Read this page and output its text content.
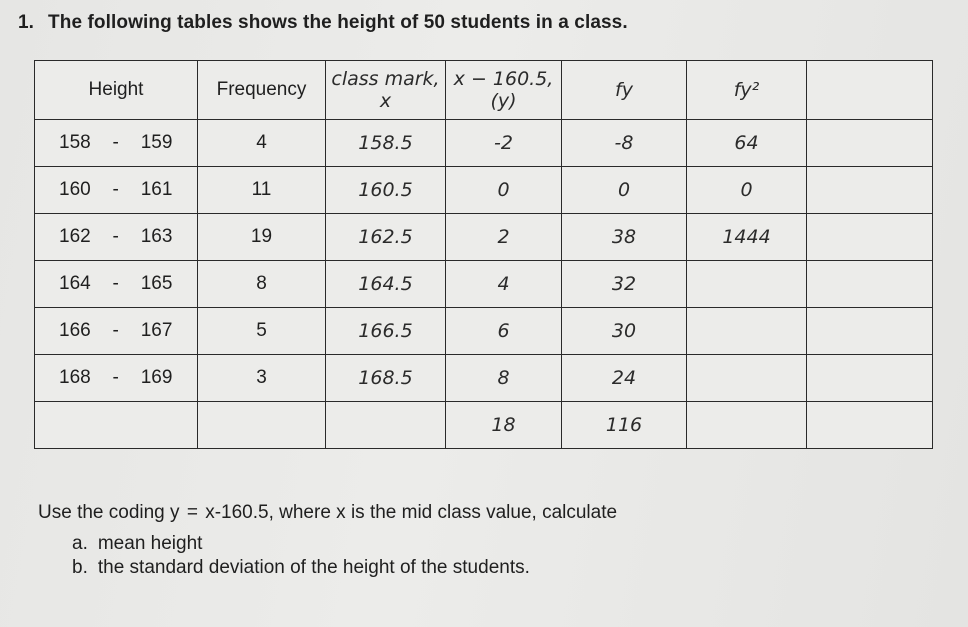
1. The following tables shows the height of 50 students in a class.
Height	Frequency	class mark, x	x − 160.5, (y)	fy	fy²	
158 - 159	4	158.5	-2	-8	64	
160 - 161	11	160.5	0	0	0	
162 - 163	19	162.5	2	38	1444	
164 - 165	8	164.5	4	32		
166 - 167	5	166.5	6	30		
168 - 169	3	168.5	8	24		
			18	116		
Use the coding y = x-160.5, where x is the mid class value, calculate
a. mean height
b. the standard deviation of the height of the students.
